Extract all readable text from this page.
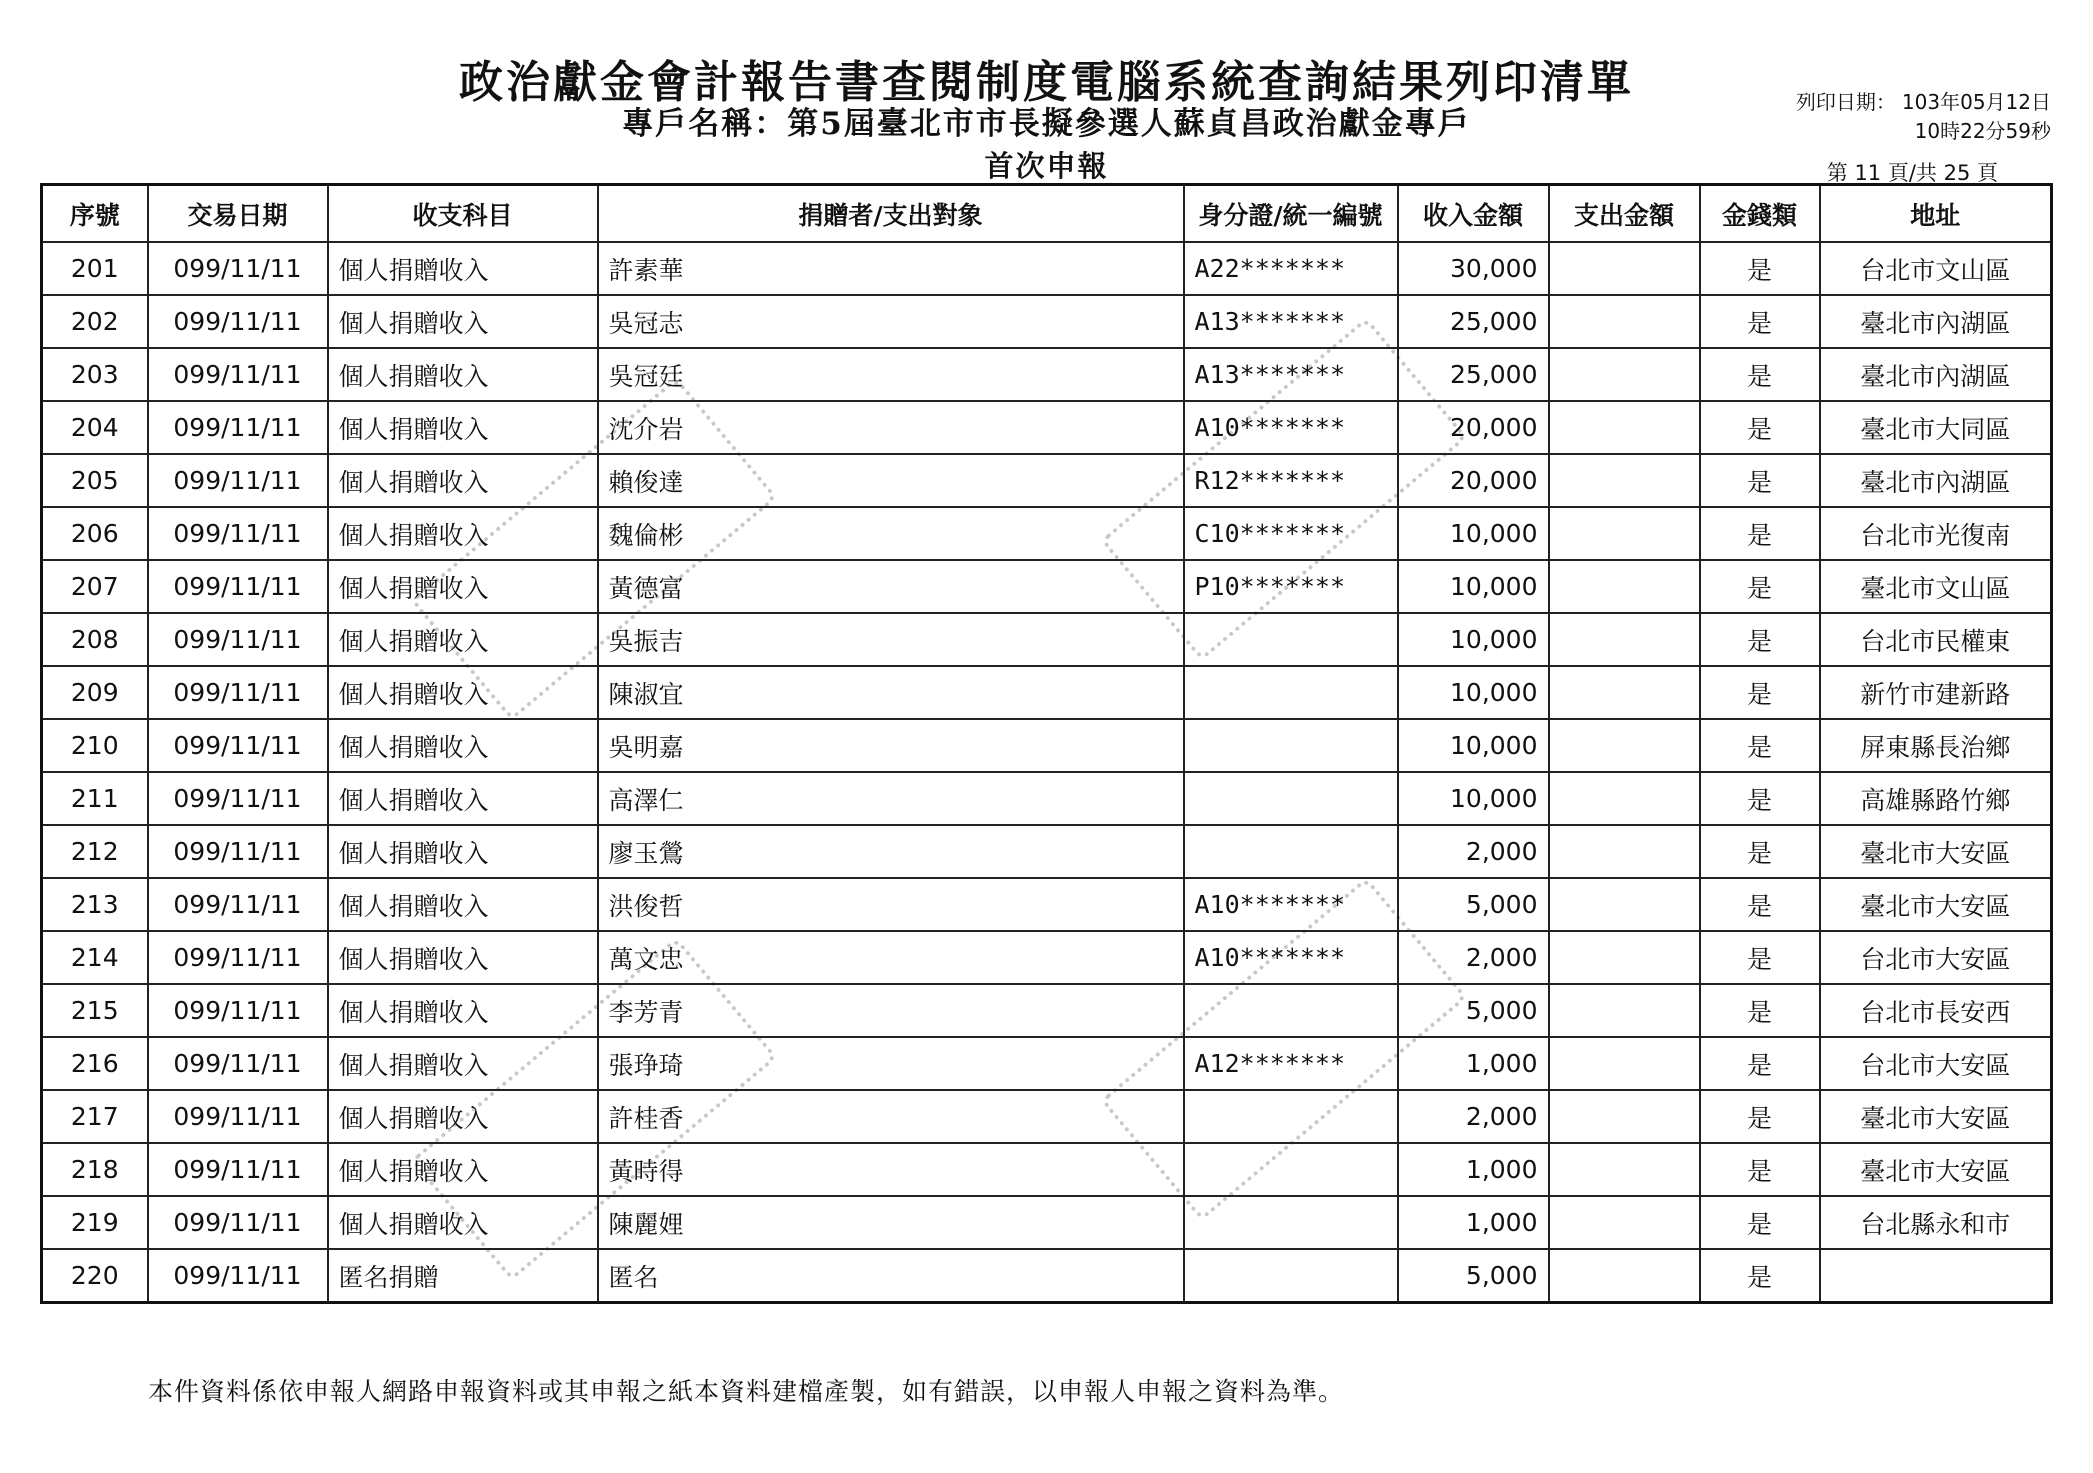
政治獻金會計報告書查閱制度電腦系統查詢結果列印清單
專戶名稱：第5屆臺北市市長擬參選人蘇貞昌政治獻金專戶
首次申報
列印日期： 103年05月12日
10時22分59秒
第 11 頁/共 25 頁
序號	交易日期	收支科目	捐贈者/支出對象	身分證/統一編號	收入金額	支出金額	金錢類	地址
201	099/11/11	個人捐贈收入	許素華	A22*******	30,000		是	台北市文山區
202	099/11/11	個人捐贈收入	吳冠志	A13*******	25,000		是	臺北市內湖區
203	099/11/11	個人捐贈收入	吳冠廷	A13*******	25,000		是	臺北市內湖區
204	099/11/11	個人捐贈收入	沈介岩	A10*******	20,000		是	臺北市大同區
205	099/11/11	個人捐贈收入	賴俊達	R12*******	20,000		是	臺北市內湖區
206	099/11/11	個人捐贈收入	魏倫彬	C10*******	10,000		是	台北市光復南
207	099/11/11	個人捐贈收入	黃德富	P10*******	10,000		是	臺北市文山區
208	099/11/11	個人捐贈收入	吳振吉		10,000		是	台北市民權東
209	099/11/11	個人捐贈收入	陳淑宜		10,000		是	新竹市建新路
210	099/11/11	個人捐贈收入	吳明嘉		10,000		是	屏東縣長治鄉
211	099/11/11	個人捐贈收入	高澤仁		10,000		是	高雄縣路竹鄉
212	099/11/11	個人捐贈收入	廖玉鶯		2,000		是	臺北市大安區
213	099/11/11	個人捐贈收入	洪俊哲	A10*******	5,000		是	臺北市大安區
214	099/11/11	個人捐贈收入	萬文忠	A10*******	2,000		是	台北市大安區
215	099/11/11	個人捐贈收入	李芳青		5,000		是	台北市長安西
216	099/11/11	個人捐贈收入	張琤琦	A12*******	1,000		是	台北市大安區
217	099/11/11	個人捐贈收入	許桂香		2,000		是	臺北市大安區
218	099/11/11	個人捐贈收入	黃時得		1,000		是	臺北市大安區
219	099/11/11	個人捐贈收入	陳麗娌		1,000		是	台北縣永和市
220	099/11/11	匿名捐贈	匿名		5,000		是	
本件資料係依申報人網路申報資料或其申報之紙本資料建檔產製，如有錯誤，以申報人申報之資料為準。
